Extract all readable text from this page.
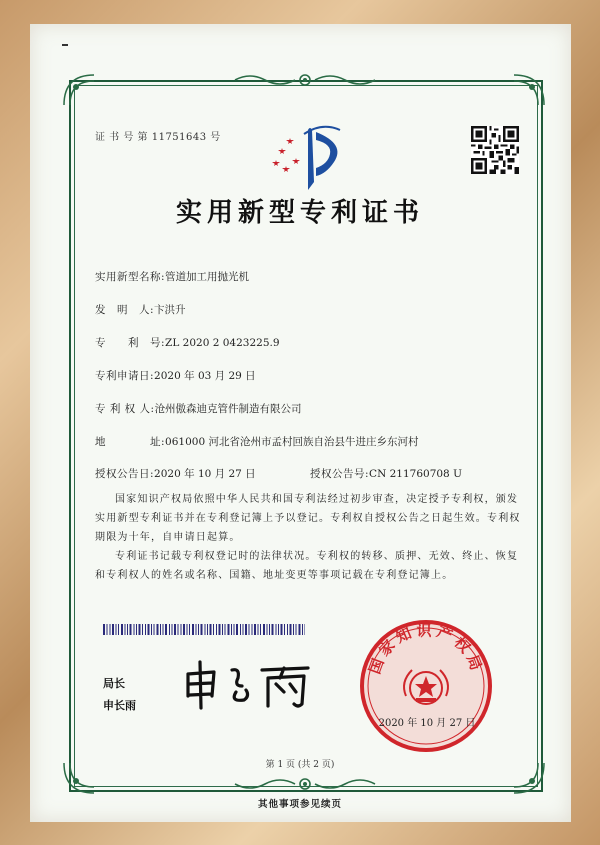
证 书 号 第 11751643 号
实用新型专利证书
实用新型名称:管道加工用抛光机
发　明　人:卞洪升
专　　利　号:ZL 2020 2 0423225.9
专利申请日:2020 年 03 月 29 日
专 利 权 人:沧州傲森迪克管件制造有限公司
地　　　　址:061000 河北省沧州市孟村回族自治县牛进庄乡东河村
授权公告日:2020 年 10 月 27 日	授权公告号:CN 211760708 U
国家知识产权局依照中华人民共和国专利法经过初步审查，决定授予专利权，颁发实用新型专利证书并在专利登记簿上予以登记。专利权自授权公告之日起生效。专利权期限为十年，自申请日起算。
专利证书记载专利权登记时的法律状况。专利权的转移、质押、无效、终止、恢复和专利权人的姓名或名称、国籍、地址变更等事项记载在专利登记簿上。
局长
申长雨
国家知识产权局
2020 年 10 月 27 日
第 1 页 (共 2 页)
其他事项参见续页
